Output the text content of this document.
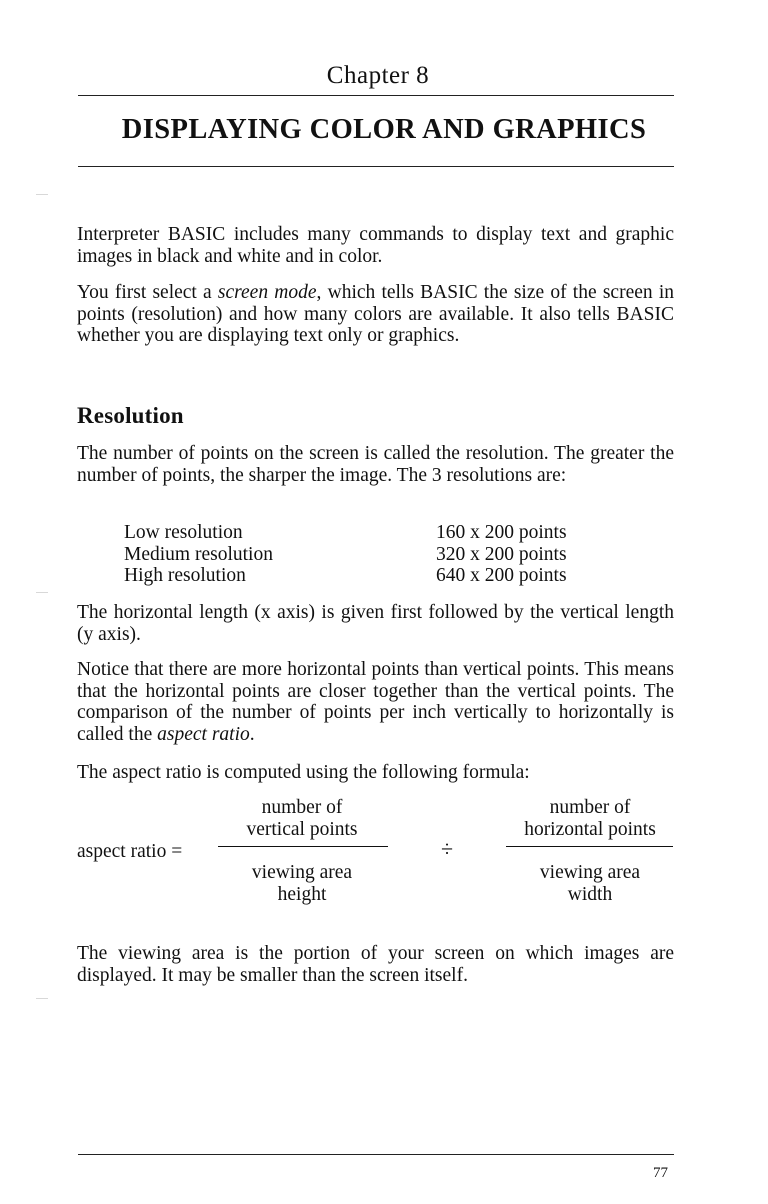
Chapter 8
DISPLAYING COLOR AND GRAPHICS

Interpreter BASIC includes many commands to display text and graphic images in black and white and in color.

You first select a screen mode, which tells BASIC the size of the screen in points (resolution) and how many colors are available. It also tells BASIC whether you are displaying text only or graphics.

Resolution

The number of points on the screen is called the resolution. The greater the number of points, the sharper the image. The 3 resolutions are:

Low resolution	160 x 200 points
Medium resolution	320 x 200 points
High resolution	640 x 200 points

The horizontal length (x axis) is given first followed by the vertical length (y axis).

Notice that there are more horizontal points than vertical points. This means that the horizontal points are closer together than the vertical points. The comparison of the number of points per inch vertically to horizontally is called the aspect ratio.

The aspect ratio is computed using the following formula:

aspect ratio =
number of
vertical points
viewing area
height
÷
number of
horizontal points
viewing area
width

The viewing area is the portion of your screen on which images are displayed. It may be smaller than the screen itself.

77
